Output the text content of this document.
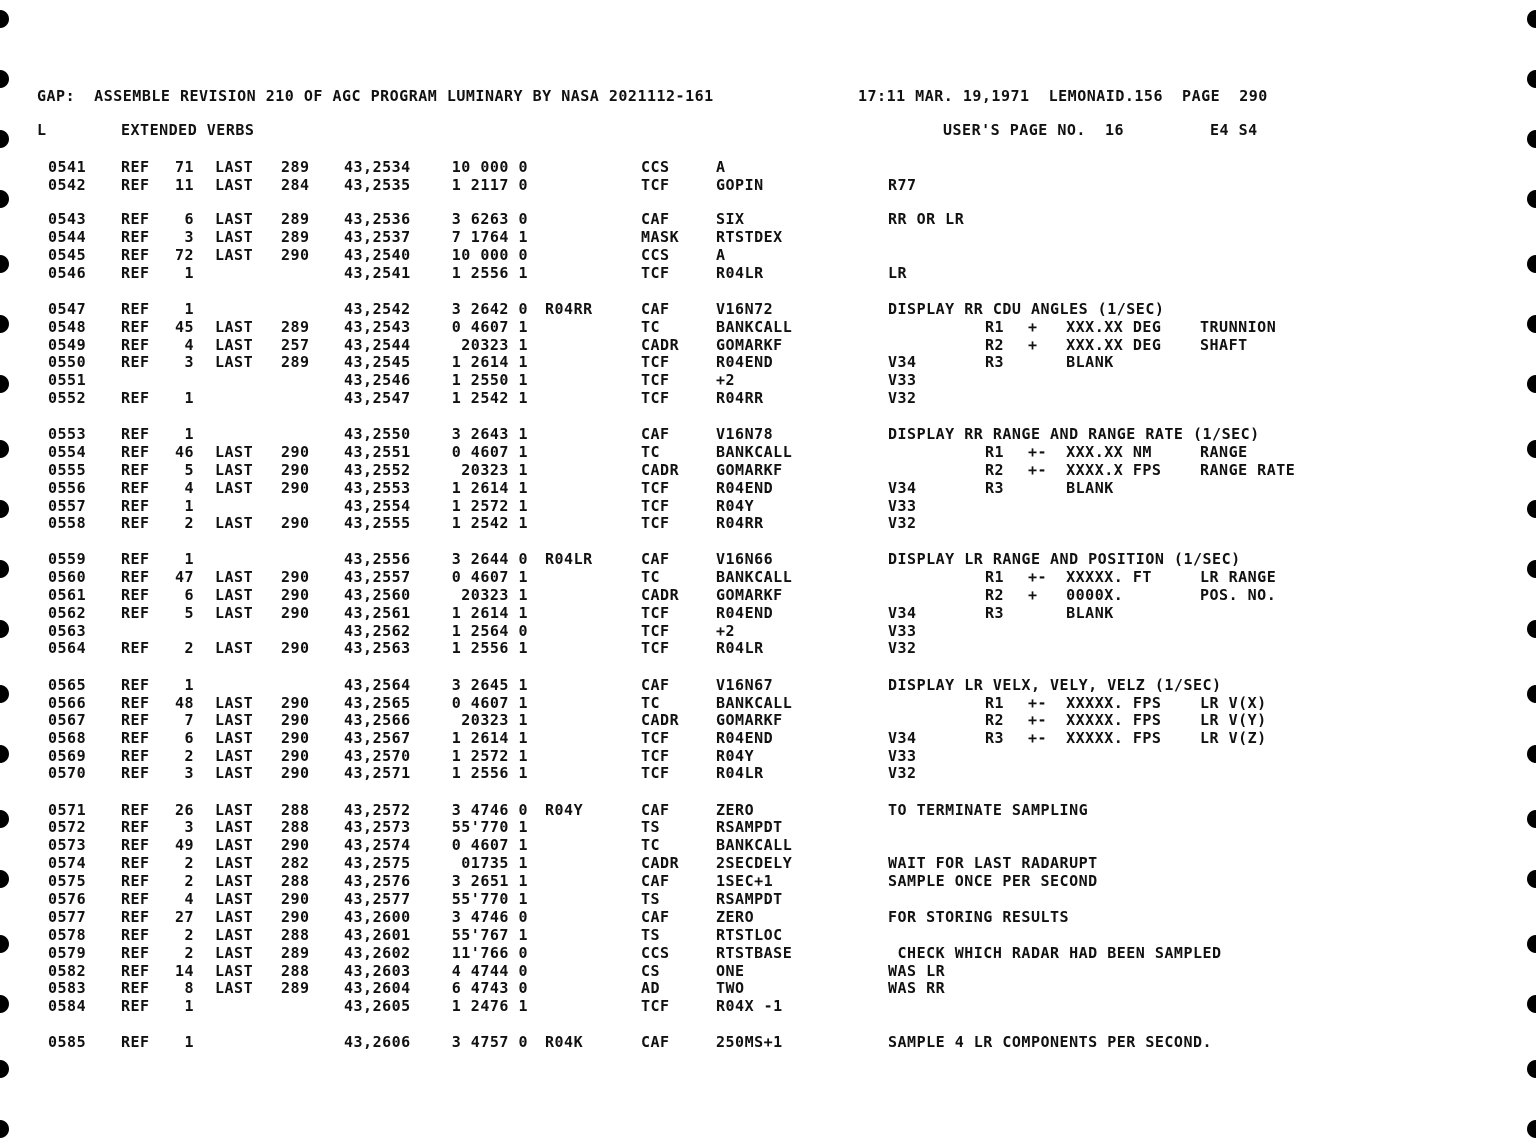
GAP:  ASSEMBLE REVISION 210 OF AGC PROGRAM LUMINARY BY NASA 2021112-161

	17:11 MAR. 19,1971  LEMONAID.156  PAGE  290

L

	EXTENDED VERBS

	USER'S PAGE NO.  16

	E4 S4

0541 REF	71 LAST 289 43,2534	10 000 0	CCS	A
0542 REF	11 LAST 284 43,2535	1 2117 0	TCF	GOPIN	R77
0543 REF	6 LAST 289 43,2536	3 6263 0	CAF	SIX	RR OR LR
0544 REF	3 LAST 289 43,2537	7 1764 1	MASK RTSTDEX
0545 REF	72 LAST 290 43,2540	10 000 0	CCS	A
0546 REF	1	43,2541	1 2556 1	TCF	R04LR	LR
0547 REF	1	43,2542	3 2642 0 R04RR	CAF	V16N72	DISPLAY RR CDU ANGLES (1/SEC)
0548 REF	45 LAST 289 43,2543	0 4607 1	TC	BANKCALL	R1 +   XXX.XX DEG	TRUNNION
0549 REF	4 LAST 257 43,2544	20323 1	CADR GOMARKF	R2 +   XXX.XX DEG	SHAFT
0550 REF	3 LAST 289 43,2545	1 2614 1	TCF	R04END	V34	R3 BLANK
0551	43,2546	1 2550 1	TCF	+2	V33
0552 REF	1	43,2547	1 2542 1	TCF	R04RR	V32
0553 REF	1	43,2550	3 2643 1	CAF	V16N78	DISPLAY RR RANGE AND RANGE RATE (1/SEC)
0554 REF	46 LAST 290 43,2551	0 4607 1	TC	BANKCALL	R1 +-  XXX.XX NM	RANGE
0555 REF	5 LAST 290 43,2552	20323 1	CADR GOMARKF	R2 +-  XXXX.X FPS	RANGE RATE
0556 REF	4 LAST 290 43,2553	1 2614 1	TCF	R04END	V34	R3 BLANK
0557 REF	1	43,2554	1 2572 1	TCF	R04Y	V33
0558 REF	2 LAST 290 43,2555	1 2542 1	TCF	R04RR	V32
0559 REF	1	43,2556	3 2644 0 R04LR	CAF	V16N66	DISPLAY LR RANGE AND POSITION (1/SEC)
0560 REF	47 LAST 290 43,2557	0 4607 1	TC	BANKCALL	R1 +-  XXXXX. FT	LR RANGE
0561 REF	6 LAST 290 43,2560	20323 1	CADR GOMARKF	R2 +   0000X.	POS. NO.
0562 REF	5 LAST 290 43,2561	1 2614 1	TCF	R04END	V34	R3 BLANK
0563	43,2562	1 2564 0	TCF	+2	V33
0564 REF	2 LAST 290 43,2563	1 2556 1	TCF	R04LR	V32
0565 REF	1	43,2564	3 2645 1	CAF	V16N67	DISPLAY LR VELX, VELY, VELZ (1/SEC)
0566 REF	48 LAST 290 43,2565	0 4607 1	TC	BANKCALL	R1 +-  XXXXX. FPS	LR V(X)
0567 REF	7 LAST 290 43,2566	20323 1	CADR GOMARKF	R2 +-  XXXXX. FPS	LR V(Y)
0568 REF	6 LAST 290 43,2567	1 2614 1	TCF	R04END	V34	R3 +-  XXXXX. FPS	LR V(Z)
0569 REF	2 LAST 290 43,2570	1 2572 1	TCF	R04Y	V33
0570 REF	3 LAST 290 43,2571	1 2556 1	TCF	R04LR	V32
0571 REF	26 LAST 288 43,2572	3 4746 0 R04Y	CAF	ZERO	TO TERMINATE SAMPLING
0572 REF	3 LAST 288 43,2573	55'770 1	TS	RSAMPDT
0573 REF	49 LAST 290 43,2574	0 4607 1	TC	BANKCALL
0574 REF	2 LAST 282 43,2575	01735 1	CADR 2SECDELY	WAIT FOR LAST RADARUPT
0575 REF	2 LAST 288 43,2576	3 2651 1	CAF	1SEC+1	SAMPLE ONCE PER SECOND
0576 REF	4 LAST 290 43,2577	55'770 1	TS	RSAMPDT
0577 REF	27 LAST 290 43,2600	3 4746 0	CAF	ZERO	FOR STORING RESULTS
0578 REF	2 LAST 288 43,2601	55'767 1	TS	RTSTLOC
0579 REF	2 LAST 289 43,2602	11'766 0	CCS	RTSTBASE	CHECK WHICH RADAR HAD BEEN SAMPLED
0582 REF	14 LAST 288 43,2603	4 4744 0	CS	ONE	WAS LR
0583 REF	8 LAST 289 43,2604	6 4743 0	AD	TWO	WAS RR
0584 REF	1	43,2605	1 2476 1	TCF	R04X -1
0585 REF	1	43,2606	3 4757 0 R04K	CAF	250MS+1	SAMPLE 4 LR COMPONENTS PER SECOND.
